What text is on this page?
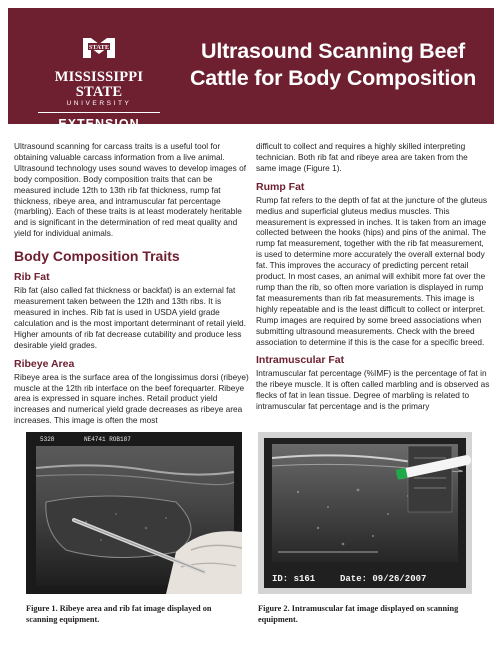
STATE
MISSISSIPPI STATE
UNIVERSITY
EXTENSION
Ultrasound Scanning Beef
Cattle for Body Composition

Ultrasound scanning for carcass traits is a useful tool for obtaining valuable carcass information from a live animal. Ultrasound technology uses sound waves to develop images of body composition. Body composition traits that can be measured include 12th to 13th rib fat thickness, rump fat thickness, ribeye area, and intramuscular fat percentage (marbling). Each of these traits is at least moderately heritable and is significant in the determination of red meat quality and yield for individual animals.

Body Composition Traits
Rib Fat

Rib fat (also called fat thickness or backfat) is an external fat measurement taken between the 12th and 13th ribs. It is measured in inches. Rib fat is used in USDA yield grade calculation and is the most important determinant of retail yield. Higher amounts of rib fat decrease cutability and produce less desirable yield grades.

Ribeye Area

Ribeye area is the surface area of the longissimus dorsi (ribeye) muscle at the 12th rib interface on the beef forequarter. Ribeye area is expressed in square inches. Retail product yield increases and numerical yield grade decreases as ribeye area increases. This image is often the most

difficult to collect and requires a highly skilled interpreting technician. Both rib fat and ribeye area are taken from the same image (Figure 1).

Rump Fat

Rump fat refers to the depth of fat at the juncture of the gluteus medius and superficial gluteus medius muscles. This measurement is expressed in inches. It is taken from an image collected between the hooks (hips) and pins of the animal. The rump fat measurement, together with the rib fat measurement, is used to determine more accurately the overall external body fat. This improves the accuracy of predicting percent retail product. In most cases, an animal will exhibit more fat over the rump than the rib, so often more variation is displayed in rump fat measurements than rib fat measurements. This image is highly repeatable and is the least difficult to collect or interpret. Rump images are required by some breed associations when submitting ultrasound measurements. Check with the breed association to determine if this is the case for a specific breed.

Intramuscular Fat

Intramuscular fat percentage (%IMF) is the percentage of fat in the ribeye muscle. It is often called marbling and is observed as flecks of fat in lean tissue. Degree of marbling is related to intramuscular fat percentage and is the primary

5328	NE4741 ROB187
ID: s161	Date: 09/26/2007
Figure 1. Ribeye area and rib fat image displayed on scanning equipment.
Figure 2. Intramuscular fat image displayed on scanning equipment.
